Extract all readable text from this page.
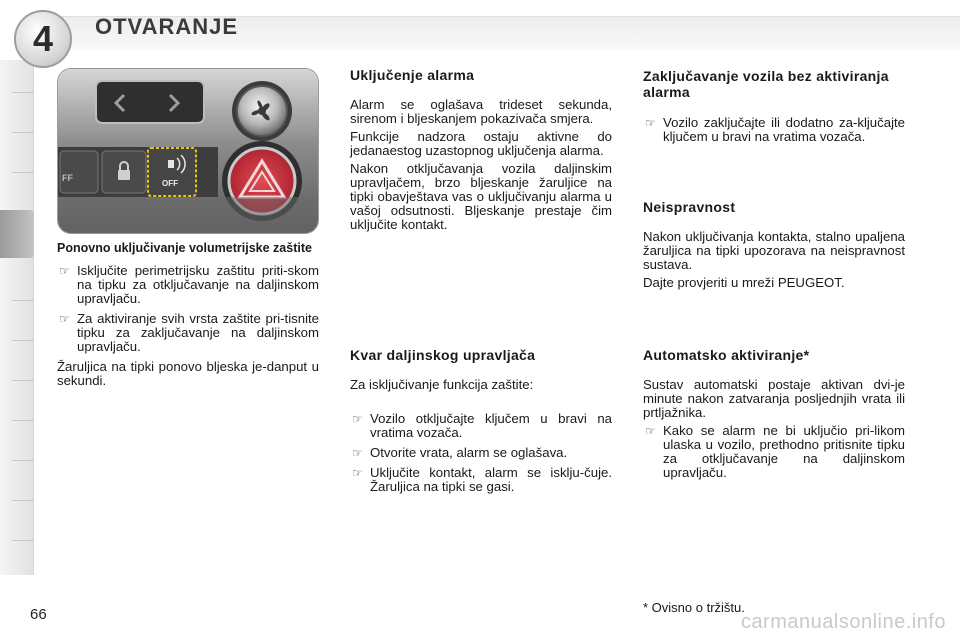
4	OTVARANJE
FF
OFF
Ponovno uključivanje volumetrijske zaštite
☞ Isključite perimetrijsku zaštitu priti-skom na tipku za otključavanje na daljinskom upravljaču.
☞ Za aktiviranje svih vrsta zaštite pri-tisnite tipku za zaključavanje na daljinskom upravljaču.

Žaruljica na tipki ponovo bljeska je-danput u sekundi.

Uključenje alarma

Alarm se oglašava trideset sekunda, sirenom i bljeskanjem pokazivača smjera.

Funkcije nadzora ostaju aktivne do jedanaestog uzastopnog uključenja alarma.

Nakon otključavanja vozila daljinskim upravljačem, brzo bljeskanje žaruljice na tipki obavještava vas o uključivanju alarma u vašoj odsutnosti. Bljeskanje prestaje čim uključite kontakt.

Kvar daljinskog upravljača

Za isključivanje funkcija zaštite:

☞ Vozilo otključajte ključem u bravi na vratima vozača.
☞ Otvorite vrata, alarm se oglašava.
☞ Uključite kontakt, alarm se isklju-čuje. Žaruljica na tipki se gasi.
Zaključavanje vozila bez aktiviranja alarma
☞ Vozilo zaključajte ili dodatno za-ključajte ključem u bravi na vratima vozača.
Neispravnost

Nakon uključivanja kontakta, stalno upaljena žaruljica na tipki upozorava na neispravnost sustava.

Dajte provjeriti u mreži PEUGEOT.

Automatsko aktiviranje*

Sustav automatski postaje aktivan dvi-je minute nakon zatvaranja posljednjih vrata ili prtljažnika.

☞ Kako se alarm ne bi uključio pri-likom ulaska u vozilo, prethodno pritisnite tipku za otključavanje na daljinskom upravljaču.
66	* Ovisno o tržištu.
carmanualsonline.info
